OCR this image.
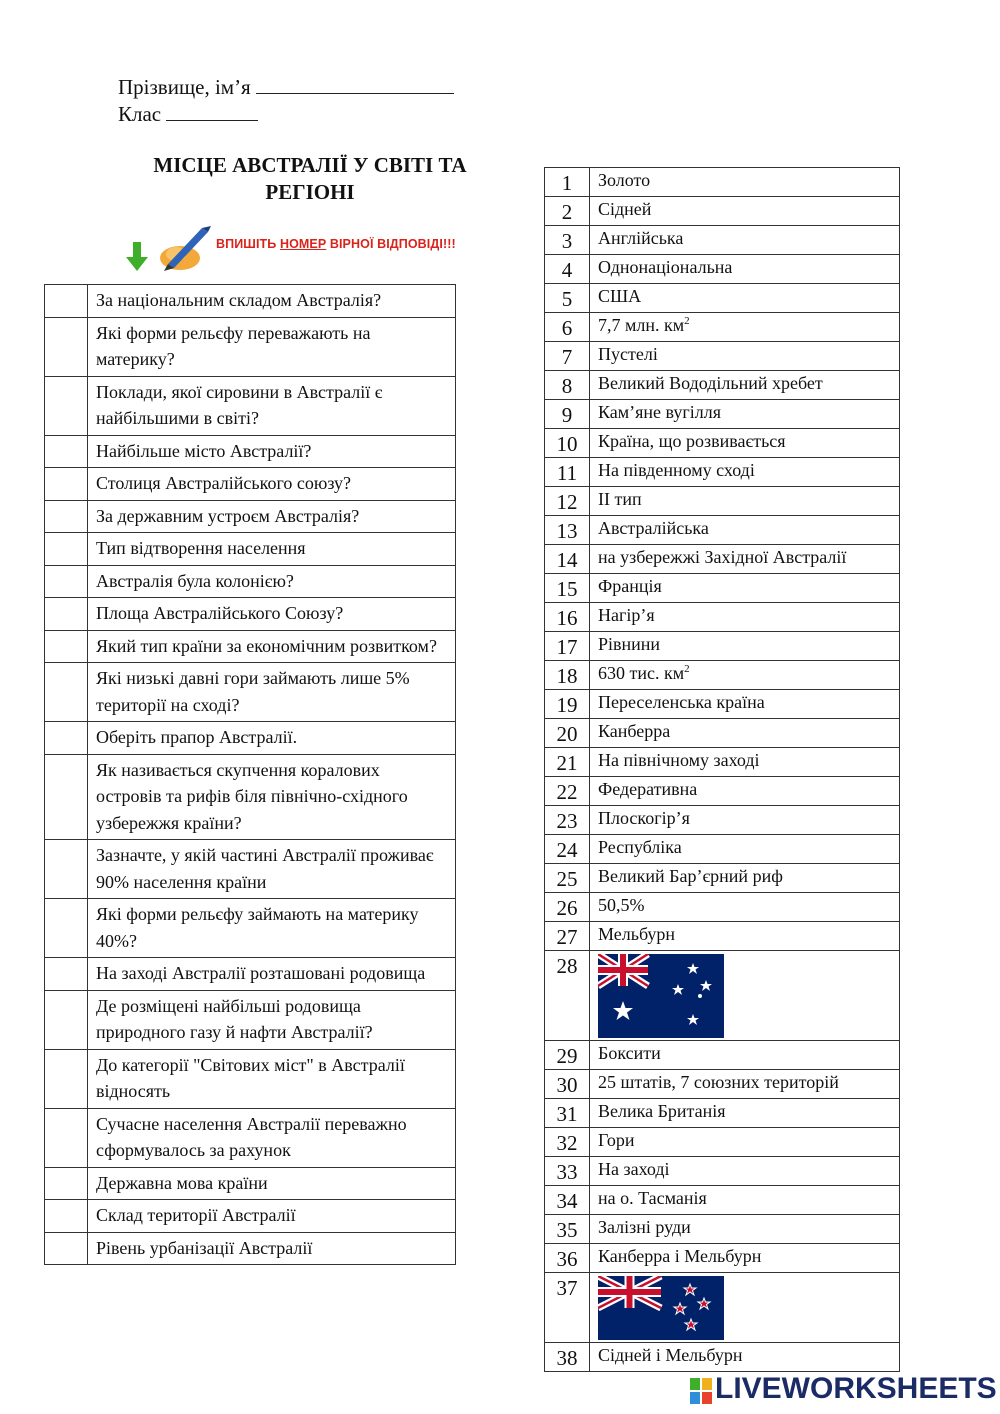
Прізвище, ім’я
Клас
МІСЦЕ АВСТРАЛІЇ У СВІТІ ТА РЕГІОНІ
ВПИШІТЬ НОМЕР ВІРНОЇ ВІДПОВІДІ!!!
	За національним складом Австралія?
	Які форми рельєфу переважають на материку?
	Поклади, якої сировини в Австралії є найбільшими в світі?
	Найбільше місто Австралії?
	Столиця Австралійського союзу?
	За державним устроєм Австралія?
	Тип відтворення населення
	Австралія була колонією?
	Площа Австралійського Союзу?
	Який тип країни за економічним розвитком?
	Які низькі давні гори займають лише 5% території на сході?
	Оберіть прапор Австралії.
	Як називається скупчення коралових островів та рифів біля північно-східного узбережжя країни?
	Зазначте, у якій частині Австралії проживає 90% населення країни
	Які форми рельєфу займають на материку 40%?
	На заході Австралії розташовані родовища
	Де розміщені найбільші родовища природного газу й нафти Австралії?
	До категорії "Світових міст" в Австралії відносять
	Сучасне населення Австралії переважно сформувалось за рахунок
	Державна мова країни
	Склад території Австралії
	Рівень урбанізації Австралії
1	Золото
2	Сідней
3	Англійська
4	Однонаціональна
5	США
6	7,7 млн. $км^2$
7	Пустелі
8	Великий Вододільний хребет
9	Кам’яне вугілля
10	Країна, що розвивається
11	На південному сході
12	ІІ тип
13	Австралійська
14	на узбережжі Західної Австралії
15	Франція
16	Нагір’я
17	Рівнини
18	630 тис. $км^2$
19	Переселенська країна
20	Канберра
21	На північному заході
22	Федеративна
23	Плоскогір’я
24	Республіка
25	Великий Бар’єрний риф
26	50,5%
27	Мельбурн
28	

29	Боксити
30	25 штатів, 7 союзних територій
31	Велика Британія
32	Гори
33	На заході
34	на о. Тасманія
35	Залізні руди
36	Канберра і Мельбурн
37	

38	Сідней і Мельбурн
LIVEWORKSHEETS
